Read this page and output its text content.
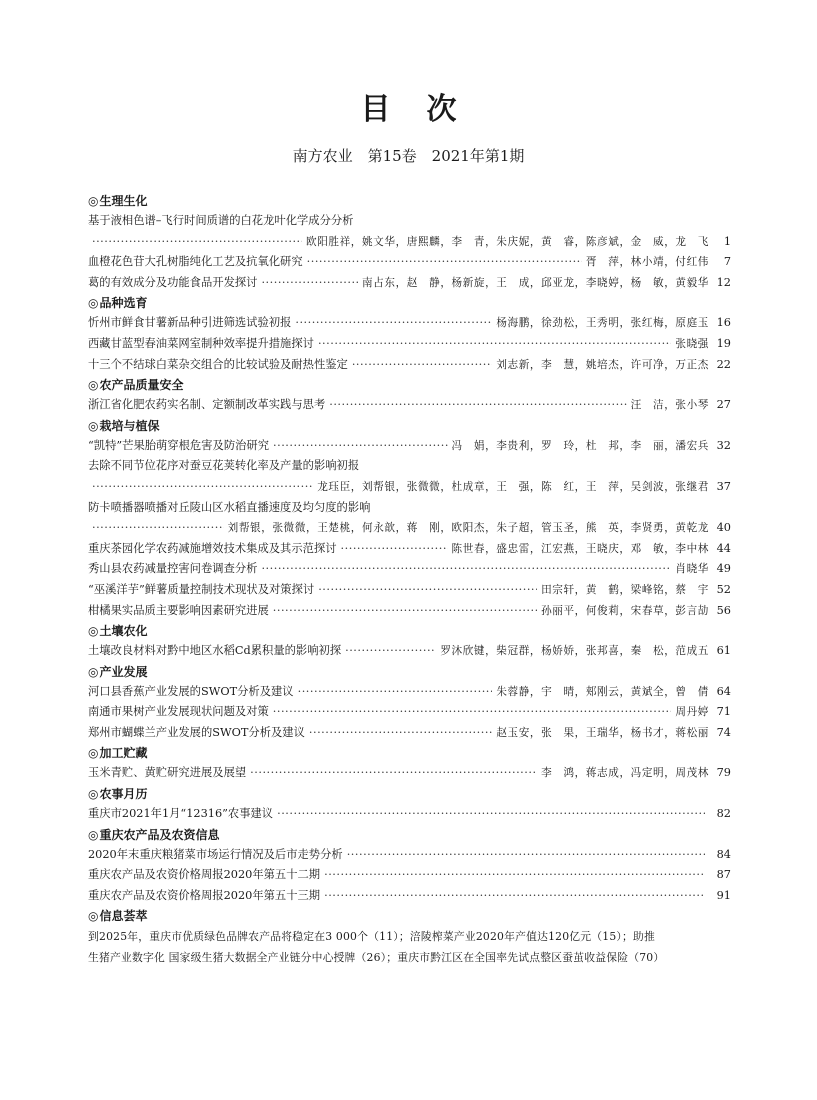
目次
南方农业　第15卷　2021年第1期
◎生理生化
基于液相色谱–飞行时间质谱的白花龙叶化学成分分析
·····
欧阳胜祥，姚文华，唐熙麟，李　青，朱庆妮，黄　睿，陈彦斌，金　威，龙　飞	1
血橙花色苷大孔树脂纯化工艺及抗氧化研究 ·····	胥　萍，林小靖，付红伟	7
葛的有效成分及功能食品开发探讨 ·····	南占东，赵　静，杨新旋，王　成，邱亚龙，李晓婷，杨　敏，黄毅华 12
◎品种选育
忻州市鲜食甘薯新品种引进筛选试验初报 ·····	杨海鹏，徐劲松，王秀明，张红梅，原庭玉 16
西藏甘蓝型春油菜网室制种效率提升措施探讨 ·····	张晓强 19
十三个不结球白菜杂交组合的比较试验及耐热性鉴定 ·····	刘志新，李　慧，姚培杰，许可净，万正杰 22
◎农产品质量安全
浙江省化肥农药实名制、定额制改革实践与思考 ·····	汪　洁，张小琴 27
◎栽培与植保
“凯特”芒果胎萌穿根危害及防治研究 ·····	冯　娟，李贵利，罗　玲，杜　邦，李　丽，潘宏兵 32
去除不同节位花序对蚕豆花荚转化率及产量的影响初报
·····
龙珏臣，刘帮银，张微微，杜成章，王　强，陈　红，王　萍，吴剑波，张继君 37
防卡喷播器喷播对丘陵山区水稻直播速度及均匀度的影响
·····
刘帮银，张微微，王楚桃，何永歆，蒋　刚，欧阳杰，朱子超，管玉圣，熊　英，李贤勇，黄乾龙 40
重庆茶园化学农药减施增效技术集成及其示范探讨 ·····	陈世春，盛忠雷，江宏燕，王晓庆，邓　敏，李中林 44
秀山县农药减量控害问卷调查分析 ·····	肖晓华 49
“巫溪洋芋”鲜薯质量控制技术现状及对策探讨 ·····	田宗轩，黄　鹤，梁峰铭，蔡　宇 52
柑橘果实品质主要影响因素研究进展 ·····	孙丽平，何俊莉，宋春草，彭言劼 56
◎土壤农化
土壤改良材料对黔中地区水稻Cd累积量的影响初探 ·····	罗沐欣键，柴冠群，杨娇娇，张邦喜，秦　松，范成五 61
◎产业发展
河口县香蕉产业发展的SWOT分析及建议 ·····	朱蓉静，宇　晴，郏刚云，黄斌全，曾　倩 64
南通市果树产业发展现状问题及对策 ·····	周丹婷 71
郑州市蝴蝶兰产业发展的SWOT分析及建议 ·····	赵玉安，张　果，王瑞华，杨书才，蒋松丽 74
◎加工贮藏
玉米青贮、黄贮研究进展及展望 ·····	李　鸿，蒋志成，冯定明，周茂林 79
◎农事月历
重庆市2021年1月“12316”农事建议 ·····	82
◎重庆农产品及农资信息
2020年末重庆粮猪菜市场运行情况及后市走势分析 ·····	84
重庆农产品及农资价格周报2020年第五十二期 ·····	87
重庆农产品及农资价格周报2020年第五十三期 ·····	91
◎信息荟萃
到2025年，重庆市优质绿色品牌农产品将稳定在3 000个（11）；涪陵榨菜产业2020年产值达120亿元（15）；助推
生猪产业数字化 国家级生猪大数据全产业链分中心授牌（26）；重庆市黔江区在全国率先试点整区蚕茧收益保险（70）
